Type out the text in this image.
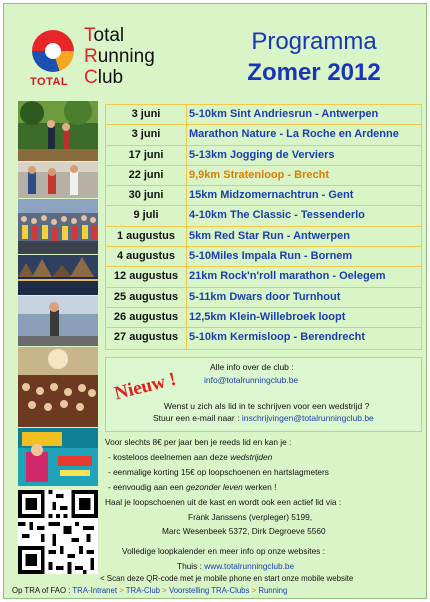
TOTAL
Total
Running
Club
Programma
Zomer 2012
3 juni	5-10km Sint Andriesrun - Antwerpen
3 juni	Marathon Nature - La Roche en Ardenne
17 juni	5-13km Jogging de Verviers
22 juni	9,9km Stratenloop - Brecht
30 juni	15km Midzomernachtrun - Gent
9 juli	4-10km The Classic - Tessenderlo
1 augustus	5km Red Star Run - Antwerpen
4 augustus	5-10Miles Impala Run - Bornem
12 augustus 21km Rock'n'roll marathon - Oelegem
25 augustus 5-11km Dwars door Turnhout
26 augustus 12,5km Klein-Willebroek loopt
27 augustus 5-10km Kermisloop - Berendrecht
Nieuw !
Alle info over de club :
info@totalrunningclub.be
Wenst u zich als lid in te schrijven voor een wedstrijd ?
Stuur een e-mail naar : inschrijvingen@totalrunningclub.be
Voor slechts 8€ per jaar ben je reeds lid en kan je :
- kosteloos deelnemen aan deze wedstrijden
- eenmalige korting 15€ op loopschoenen en hartslagmeters
- eenvoudig aan een gezonder leven werken !
Haal je loopschoenen uit de kast en wordt ook een actief lid via :
Frank Janssens (verpleger) 5199,
Marc Wesenbeek 5372, Dirk Degroeve 5560
Volledige loopkalender en meer info op onze websites :
Thuis : www.totalrunningclub.be
< Scan deze QR-code met je mobile phone en start onze mobile website
Op TRA of FAO : TRA-Intranet > TRA-Club > Voorstelling TRA-Clubs > Running
